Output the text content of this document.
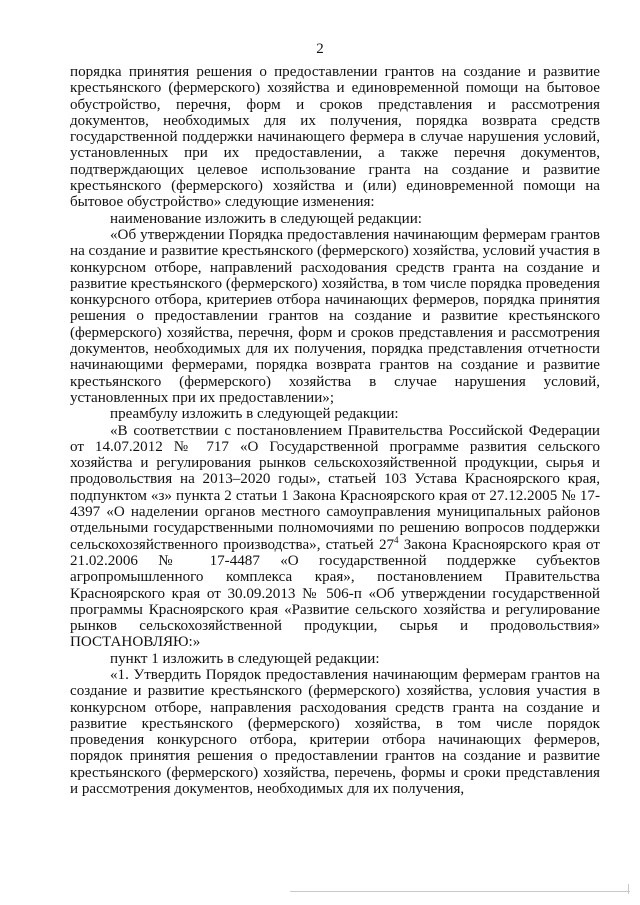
2

порядка принятия решения о предоставлении грантов на создание и развитие крестьянского (фермерского) хозяйства и единовременной помощи на бытовое обустройство, перечня, форм и сроков представления и рассмотрения документов, необходимых для их получения, порядка возврата средств государственной поддержки начинающего фермера в случае нарушения условий, установленных при их предоставлении, а также перечня документов, подтверждающих целевое использование гранта на создание и развитие крестьянского (фермерского) хозяйства и (или) единовременной помощи на бытовое обустройство» следующие изменения:

наименование изложить в следующей редакции:

«Об утверждении Порядка предоставления начинающим фермерам грантов на создание и развитие крестьянского (фермерского) хозяйства, условий участия в конкурсном отборе, направлений расходования средств гранта на создание и развитие крестьянского (фермерского) хозяйства, в том числе порядка проведения конкурсного отбора, критериев отбора начинающих фермеров, порядка принятия решения о предоставлении грантов на создание и развитие крестьянского (фермерского) хозяйства, перечня, форм и сроков представления и рассмотрения документов, необходимых для их получения, порядка представления отчетности начинающими фермерами, порядка возврата грантов на создание и развитие крестьянского (фермерского) хозяйства в случае нарушения условий, установленных при их предоставлении»;

преамбулу изложить в следующей редакции:

«В соответствии с постановлением Правительства Российской Федерации от 14.07.2012 № 717 «О Государственной программе развития сельского хозяйства и регулирования рынков сельскохозяйственной продукции, сырья и продовольствия на 2013–2020 годы», статьей 103 Устава Красноярского края, подпунктом «з» пункта 2 статьи 1 Закона Красноярского края от 27.12.2005 № 17-4397 «О наделении органов местного самоуправления муниципальных районов отдельными государственными полномочиями по решению вопросов поддержки сельскохозяйственного производства», статьей $27^4$ Закона Красноярского края от 21.02.2006 № 17-4487 «О государственной поддержке субъектов агропромышленного комплекса края», постановлением Правительства Красноярского края от 30.09.2013 № 506-п «Об утверждении государственной программы Красноярского края «Развитие сельского хозяйства и регулирование рынков сельскохозяйственной продукции, сырья и продовольствия» ПОСТАНОВЛЯЮ:»

пункт 1 изложить в следующей редакции:

«1. Утвердить Порядок предоставления начинающим фермерам грантов на создание и развитие крестьянского (фермерского) хозяйства, условия участия в конкурсном отборе, направления расходования средств гранта на создание и развитие крестьянского (фермерского) хозяйства, в том числе порядок проведения конкурсного отбора, критерии отбора начинающих фермеров, порядок принятия решения о предоставлении грантов на создание и развитие крестьянского (фермерского) хозяйства, перечень, формы и сроки представления и рассмотрения документов, необходимых для их получения,
